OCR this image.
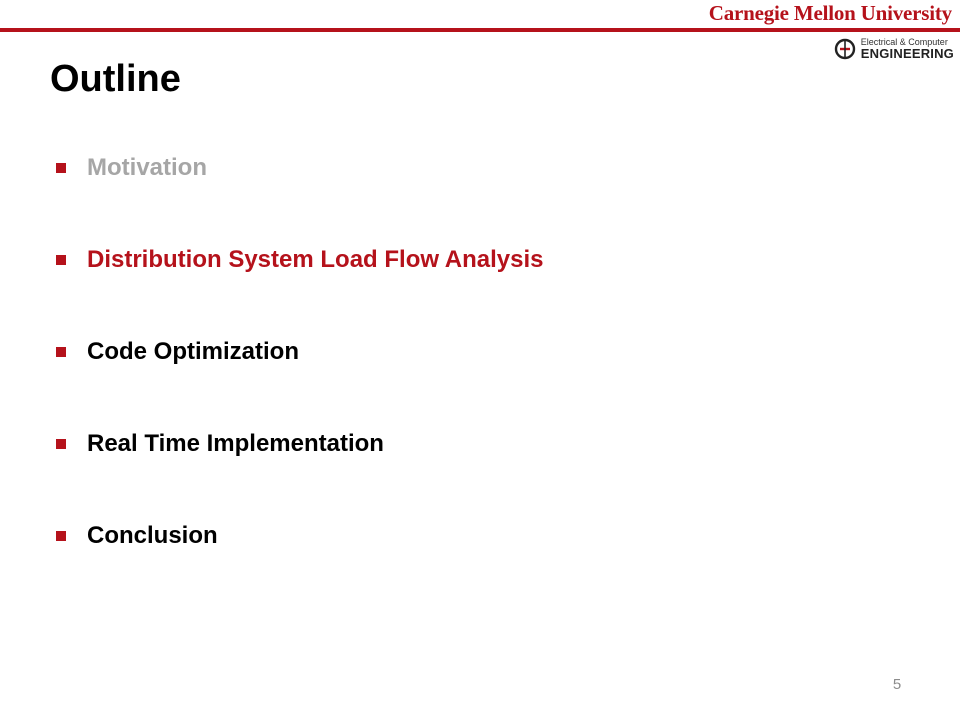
Carnegie Mellon University
Electrical & Computer
ENGINEERING
Outline
Motivation
Distribution System Load Flow Analysis
Code Optimization
Real Time Implementation
Conclusion
5
